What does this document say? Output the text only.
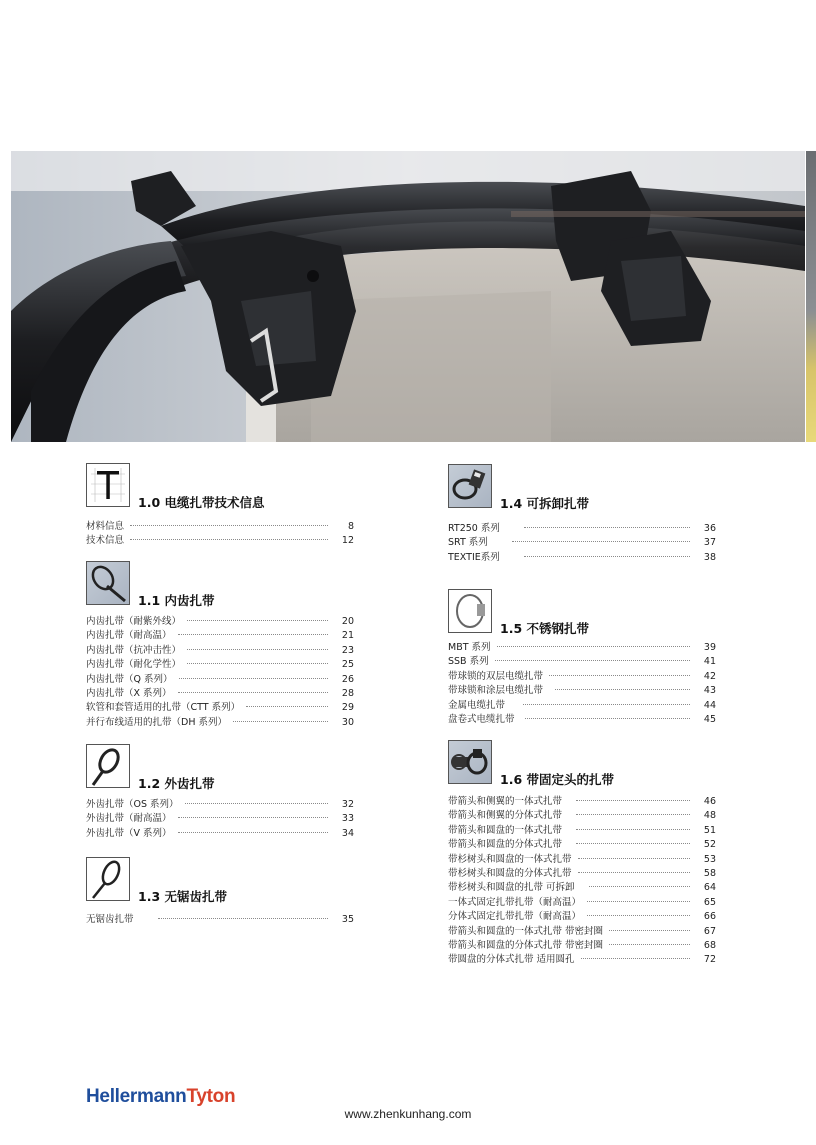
1.0 电缆扎带技术信息
材料信息	8
技术信息	12
1.1 内齿扎带
内齿扎带（耐紫外线）	20
内齿扎带（耐高温）	21
内齿扎带（抗冲击性）	23
内齿扎带（耐化学性）	25
内齿扎带（Q 系列）	26
内齿扎带（X 系列）	28
软管和套管适用的扎带（CTT 系列）	29
并行布线适用的扎带（DH 系列）	30
1.2 外齿扎带
外齿扎带（OS 系列）	32
外齿扎带（耐高温）	33
外齿扎带（V 系列）	34
1.3 无锯齿扎带
无锯齿扎带	35
1.4 可拆卸扎带
RT250 系列	36
SRT 系列	37
TEXTIE系列	38
1.5 不锈钢扎带
MBT 系列	39
SSB 系列	41
带球锁的双层电缆扎带	42
带球锁和涂层电缆扎带	43
金属电缆扎带	44
盘卷式电缆扎带	45
1.6 带固定头的扎带
带箭头和侧翼的一体式扎带	46
带箭头和侧翼的分体式扎带	48
带箭头和圆盘的一体式扎带	51
带箭头和圆盘的分体式扎带	52
带杉树头和圆盘的一体式扎带	53
带杉树头和圆盘的分体式扎带	58
带杉树头和圆盘的扎带 可拆卸	64
一体式固定扎带扎带（耐高温）	65
分体式固定扎带扎带（耐高温）	66
带箭头和圆盘的一体式扎带 带密封圈	67
带箭头和圆盘的分体式扎带 带密封圈	68
带圆盘的分体式扎带 适用圆孔	72
HellermannTyton
www.zhenkunhang.com
